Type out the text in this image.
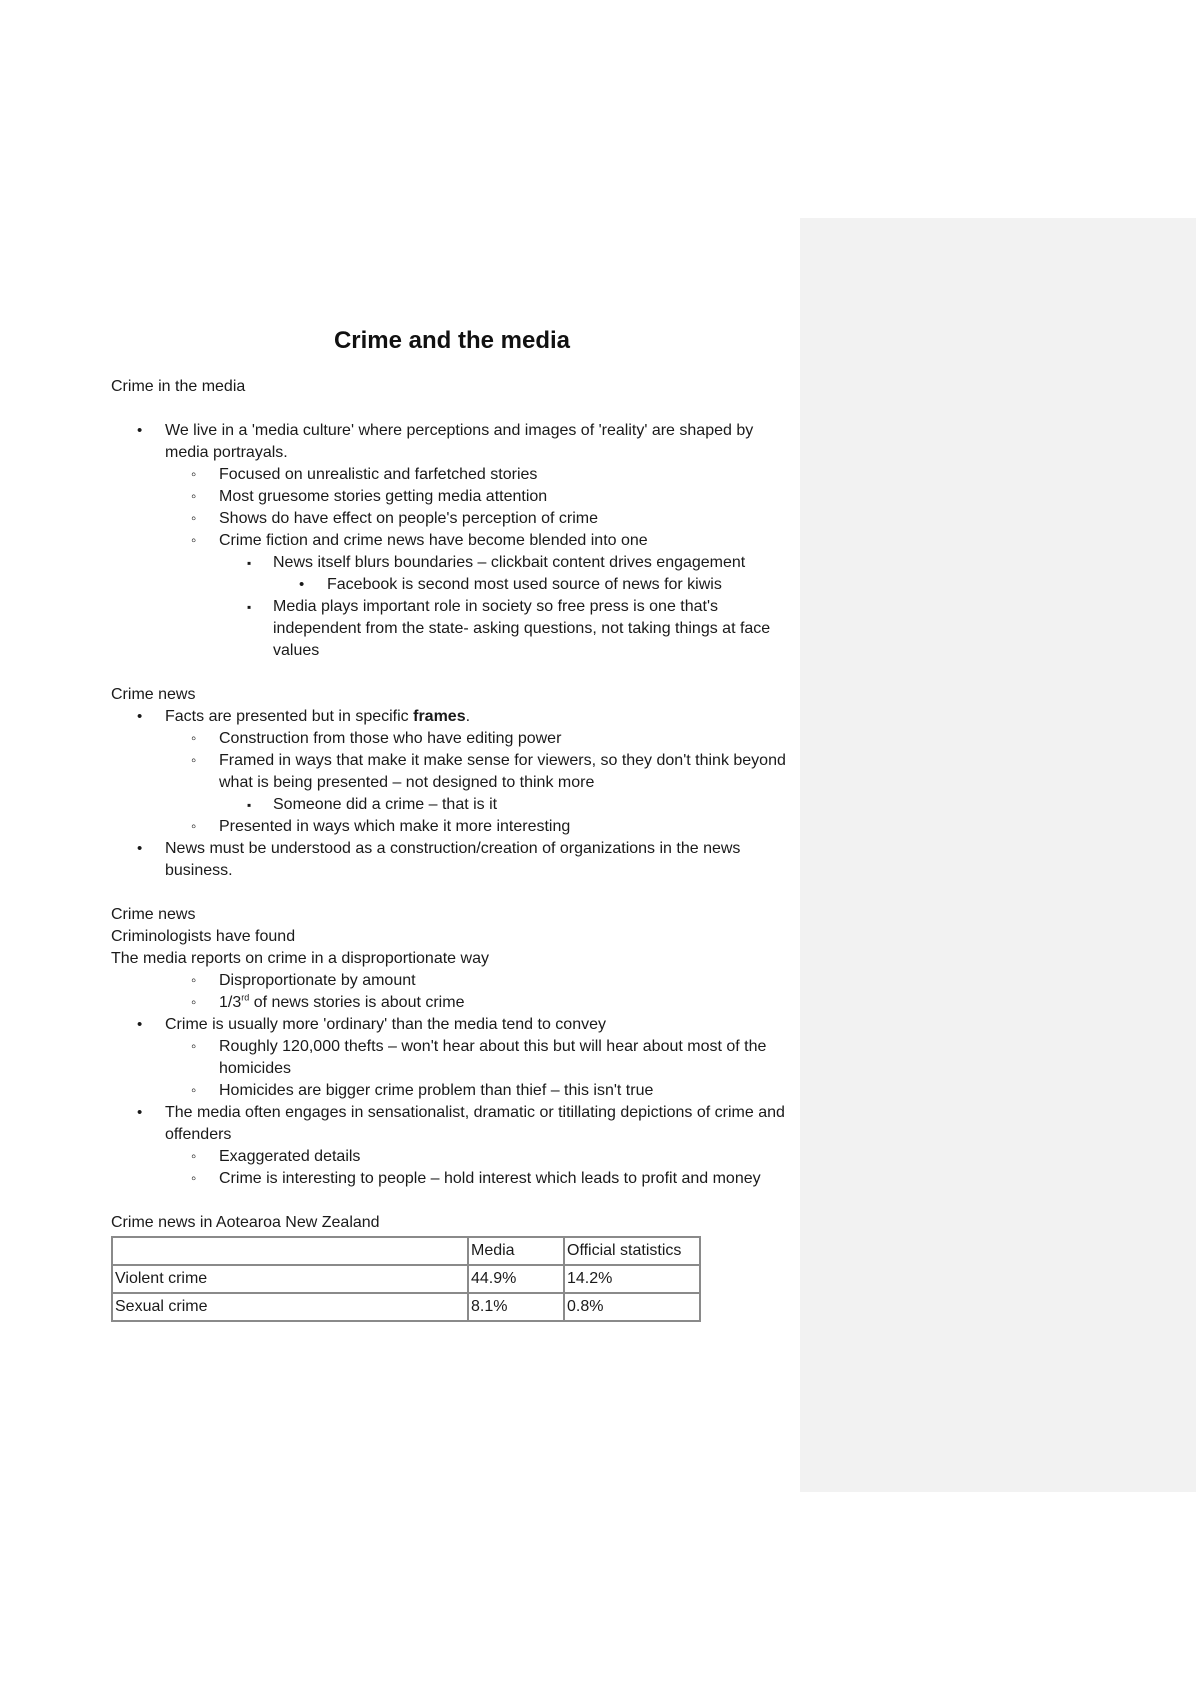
Crime and the media

Crime in the media

• We live in a 'media culture' where perceptions and images of 'reality' are shaped by media portrayals.
◦ Focused on unrealistic and farfetched stories
◦ Most gruesome stories getting media attention
◦ Shows do have effect on people's perception of crime
◦ Crime fiction and crime news have become blended into one
▪ News itself blurs boundaries – clickbait content drives engagement
• Facebook is second most used source of news for kiwis
▪ Media plays important role in society so free press is one that's independent from the state- asking questions, not taking things at face values

Crime news

• Facts are presented but in specific frames.
◦ Construction from those who have editing power
◦ Framed in ways that make it make sense for viewers, so they don't think beyond what is being presented – not designed to think more
▪ Someone did a crime – that is it
◦ Presented in ways which make it more interesting
• News must be understood as a construction/creation of organizations in the news business.

Crime news

Criminologists have found

The media reports on crime in a disproportionate way

◦ Disproportionate by amount
◦ 1/3rd of news stories is about crime
• Crime is usually more 'ordinary' than the media tend to convey
◦ Roughly 120,000 thefts – won't hear about this but will hear about most of the homicides
◦ Homicides are bigger crime problem than thief – this isn't true
• The media often engages in sensationalist, dramatic or titillating depictions of crime and offenders
◦ Exaggerated details
◦ Crime is interesting to people – hold interest which leads to profit and money

Crime news in Aotearoa New Zealand

	Media	Official statistics
Violent crime	44.9%	14.2%
Sexual crime	8.1%	0.8%
